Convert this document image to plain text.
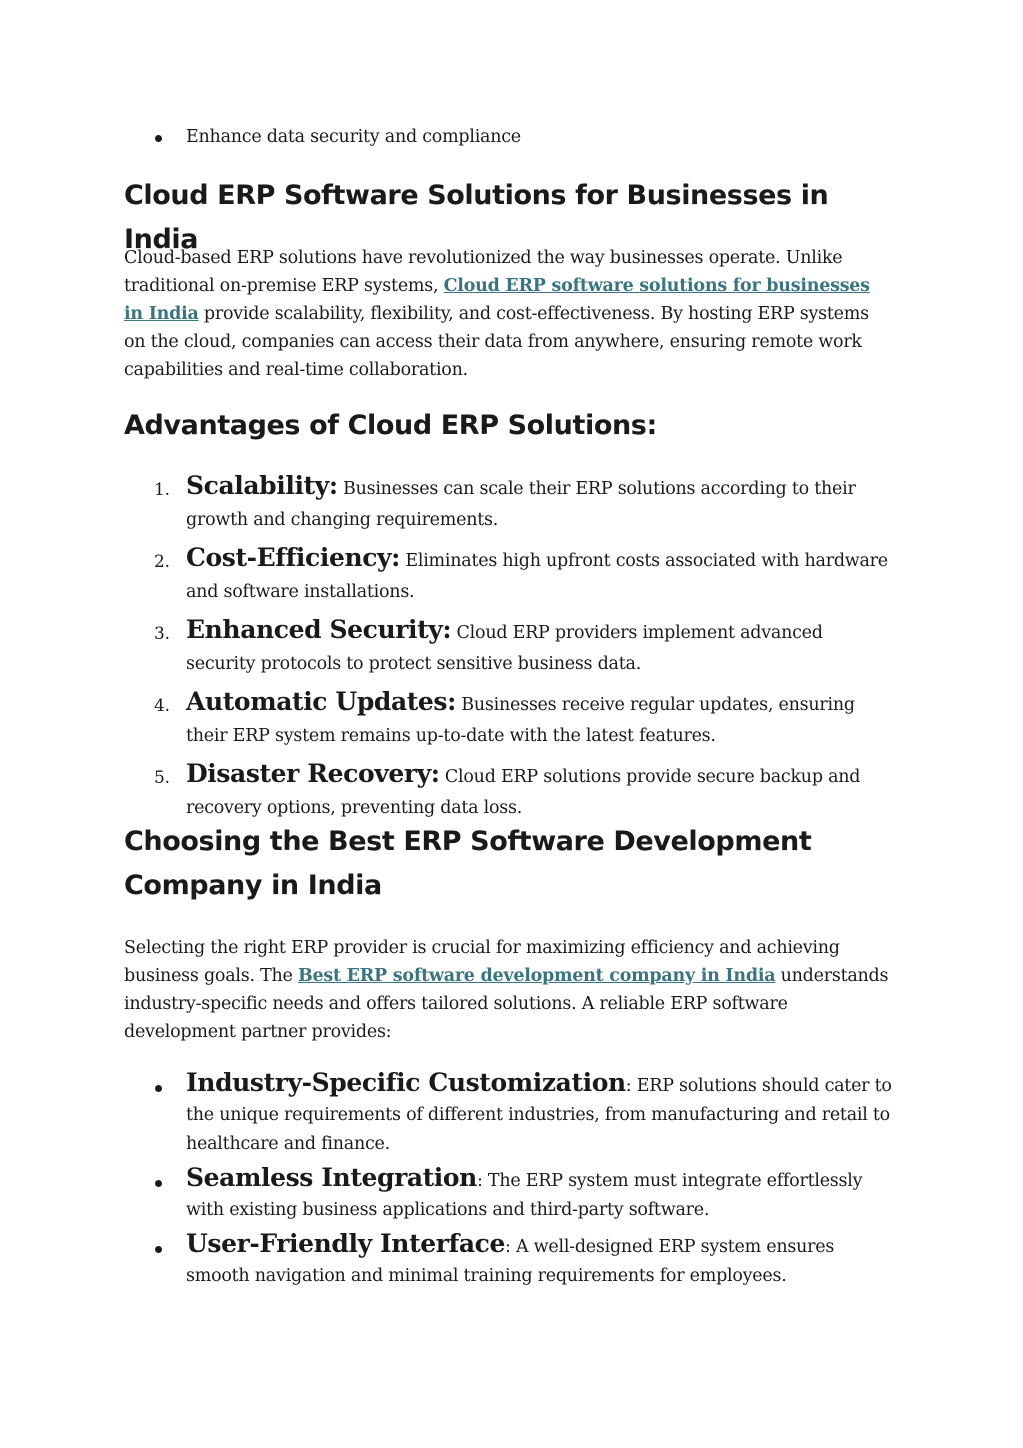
Enhance data security and compliance
Cloud ERP Software Solutions for Businesses in India

Cloud-based ERP solutions have revolutionized the way businesses operate. Unlike traditional on-premise ERP systems, Cloud ERP software solutions for businesses in India provide scalability, flexibility, and cost-effectiveness. By hosting ERP systems on the cloud, companies can access their data from anywhere, ensuring remote work capabilities and real-time collaboration.

Advantages of Cloud ERP Solutions:
1. Scalability: Businesses can scale their ERP solutions according to their growth and changing requirements.
2. Cost-Efficiency: Eliminates high upfront costs associated with hardware and software installations.
3. Enhanced Security: Cloud ERP providers implement advanced security protocols to protect sensitive business data.
4. Automatic Updates: Businesses receive regular updates, ensuring their ERP system remains up-to-date with the latest features.
5. Disaster Recovery: Cloud ERP solutions provide secure backup and recovery options, preventing data loss.
Choosing the Best ERP Software Development Company in India

Selecting the right ERP provider is crucial for maximizing efficiency and achieving business goals. The Best ERP software development company in India understands industry-specific needs and offers tailored solutions. A reliable ERP software development partner provides:

Industry-Specific Customization: ERP solutions should cater to the unique requirements of different industries, from manufacturing and retail to healthcare and finance.
Seamless Integration: The ERP system must integrate effortlessly with existing business applications and third-party software.
User-Friendly Interface: A well-designed ERP system ensures smooth navigation and minimal training requirements for employees.
